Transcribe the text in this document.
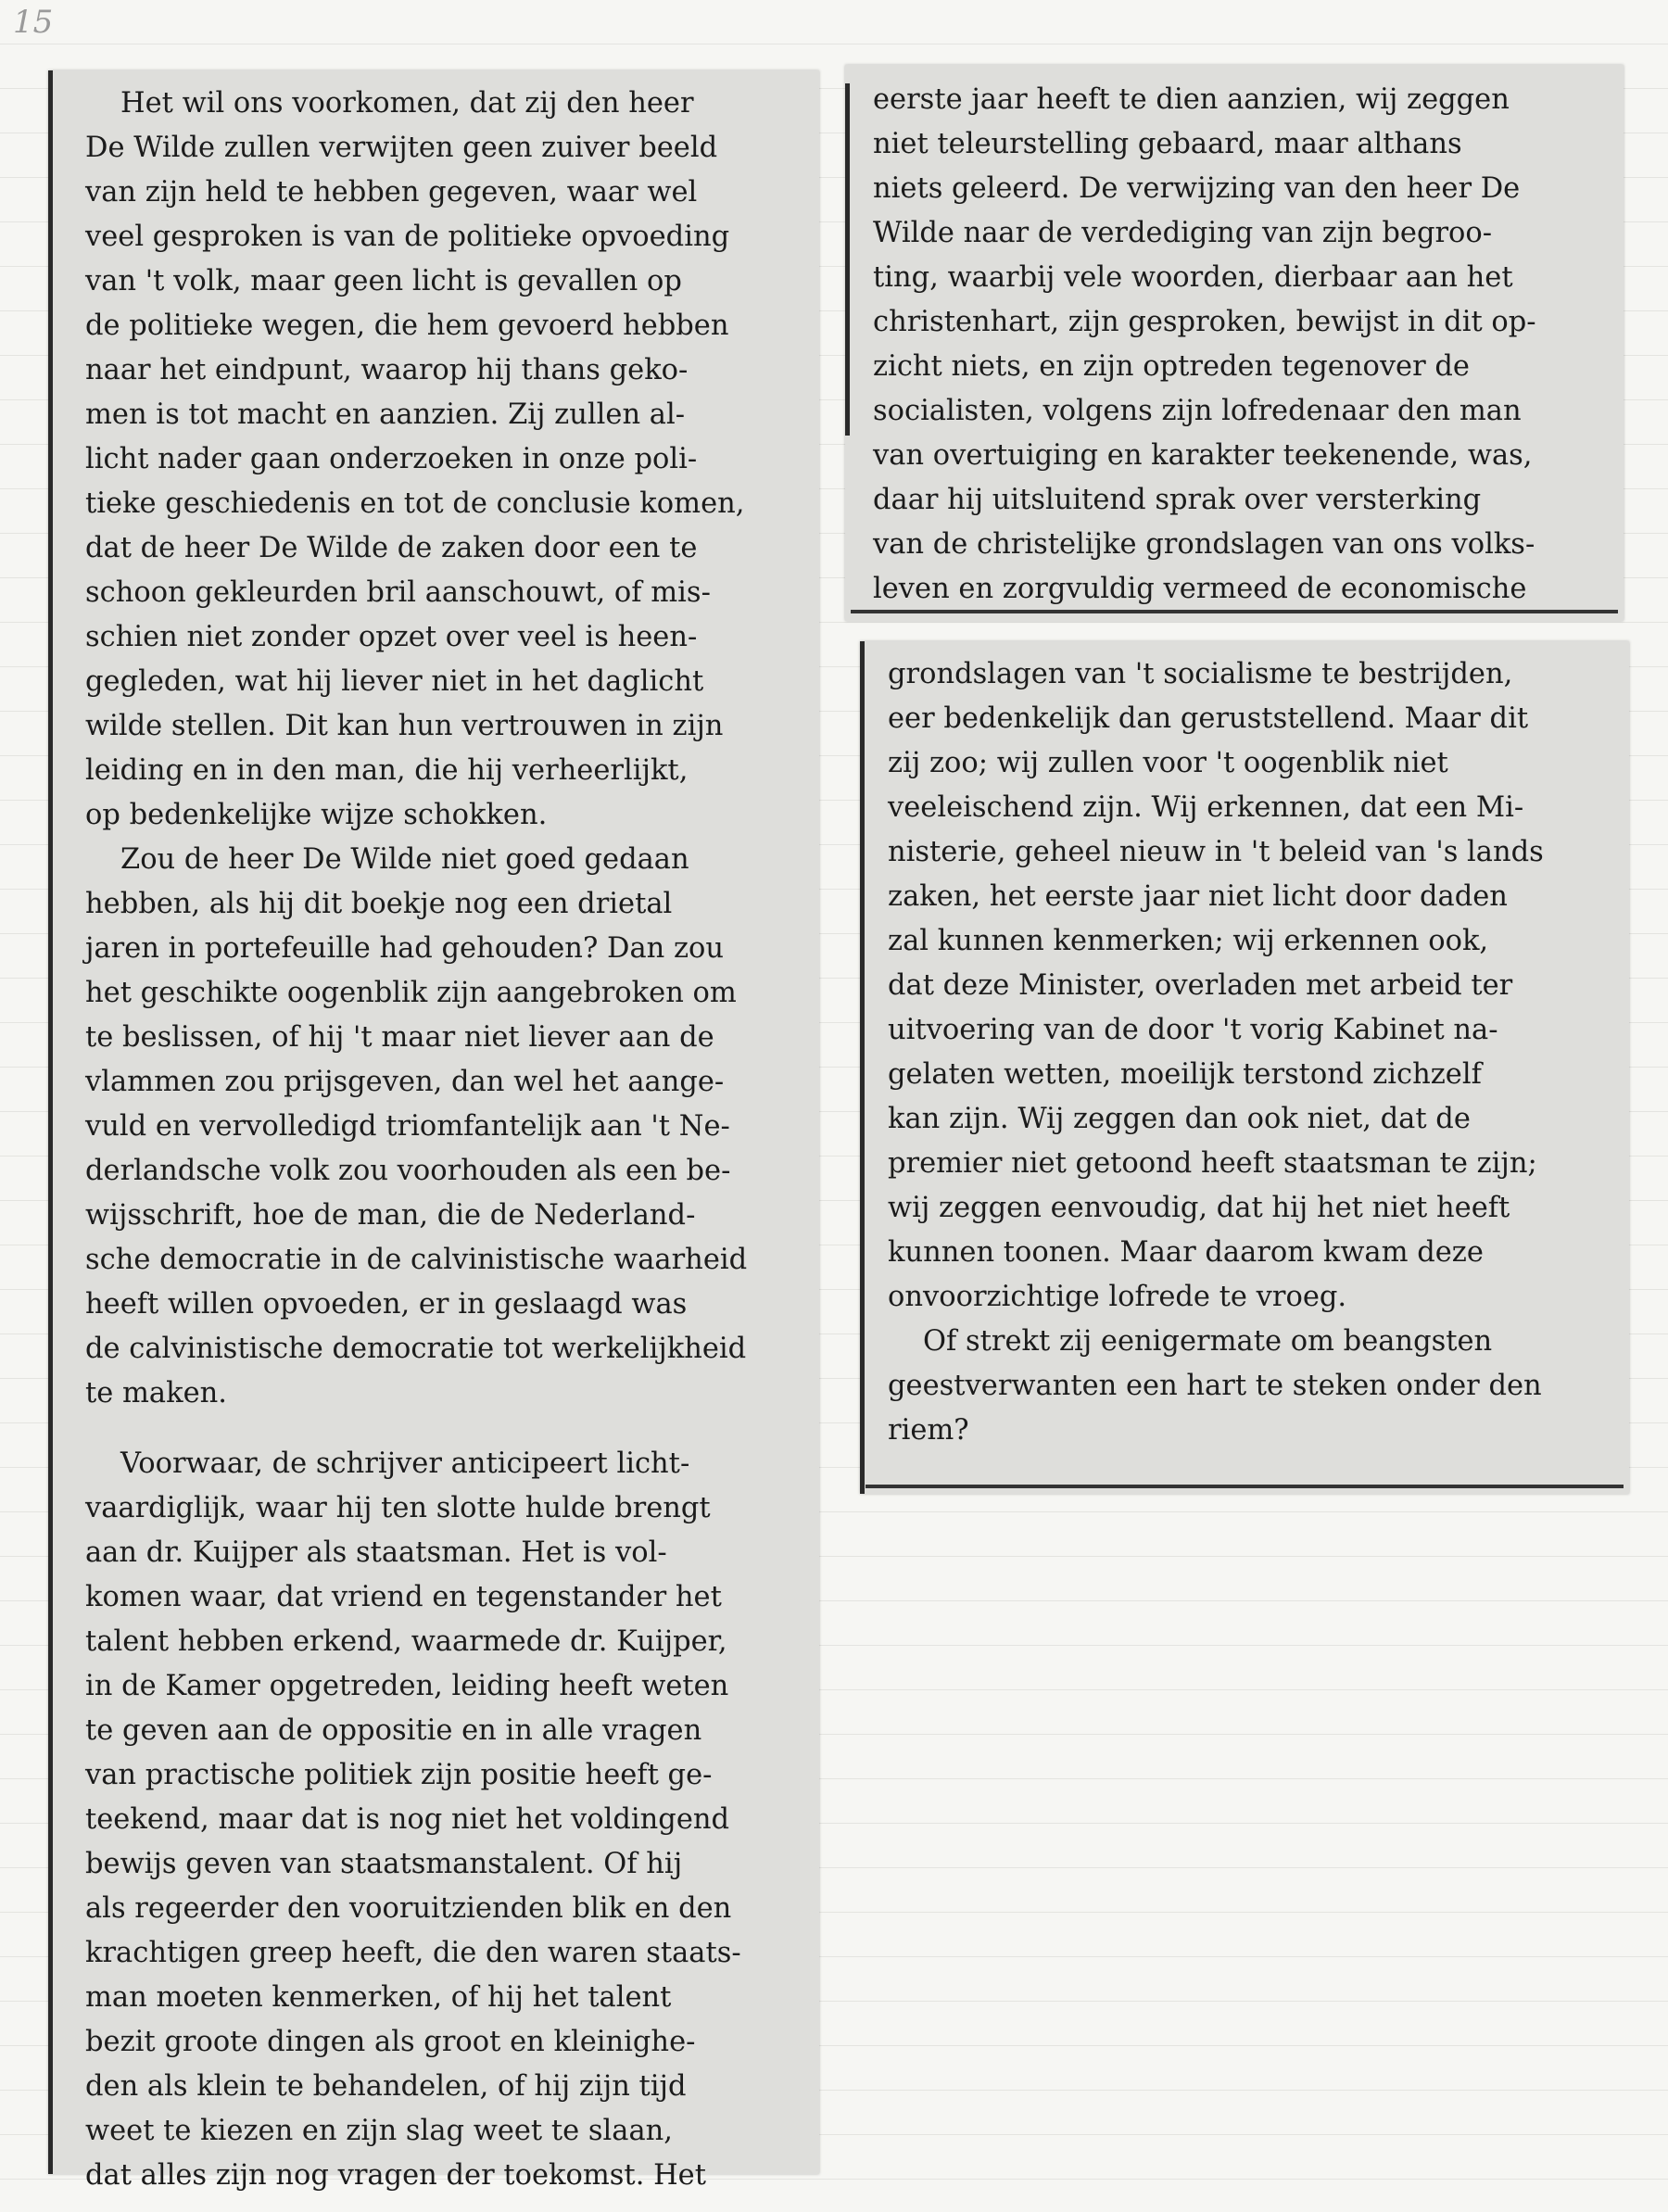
15

Het wil ons voorkomen, dat zij den heer
De Wilde zullen verwijten geen zuiver beeld
van zijn held te hebben gegeven, waar wel
veel gesproken is van de politieke opvoeding
van 't volk, maar geen licht is gevallen op
de politieke wegen, die hem gevoerd hebben
naar het eindpunt, waarop hij thans geko-
men is tot macht en aanzien. Zij zullen al-
licht nader gaan onderzoeken in onze poli-
tieke geschiedenis en tot de conclusie komen,
dat de heer De Wilde de zaken door een te
schoon gekleurden bril aanschouwt, of mis-
schien niet zonder opzet over veel is heen-
gegleden, wat hij liever niet in het daglicht
wilde stellen. Dit kan hun vertrouwen in zijn
leiding en in den man, die hij verheerlijkt,
op bedenkelijke wijze schokken.

Zou de heer De Wilde niet goed gedaan
hebben, als hij dit boekje nog een drietal
jaren in portefeuille had gehouden? Dan zou
het geschikte oogenblik zijn aangebroken om
te beslissen, of hij 't maar niet liever aan de
vlammen zou prijsgeven, dan wel het aange-
vuld en vervolledigd triomfantelijk aan 't Ne-
derlandsche volk zou voorhouden als een be-
wijsschrift, hoe de man, die de Nederland-
sche democratie in de calvinistische waarheid
heeft willen opvoeden, er in geslaagd was
de calvinistische democratie tot werkelijkheid
te maken.

Voorwaar, de schrijver anticipeert licht-
vaardiglijk, waar hij ten slotte hulde brengt
aan dr. Kuijper als staatsman. Het is vol-
komen waar, dat vriend en tegenstander het
talent hebben erkend, waarmede dr. Kuijper,
in de Kamer opgetreden, leiding heeft weten
te geven aan de oppositie en in alle vragen
van practische politiek zijn positie heeft ge-
teekend, maar dat is nog niet het voldingend
bewijs geven van staatsmanstalent. Of hij
als regeerder den vooruitzienden blik en den
krachtigen greep heeft, die den waren staats-
man moeten kenmerken, of hij het talent
bezit groote dingen als groot en kleinighe-
den als klein te behandelen, of hij zijn tijd
weet te kiezen en zijn slag weet te slaan,
dat alles zijn nog vragen der toekomst. Het

eerste jaar heeft te dien aanzien, wij zeggen
niet teleurstelling gebaard, maar althans
niets geleerd. De verwijzing van den heer De
Wilde naar de verdediging van zijn begroo-
ting, waarbij vele woorden, dierbaar aan het
christenhart, zijn gesproken, bewijst in dit op-
zicht niets, en zijn optreden tegenover de
socialisten, volgens zijn lofredenaar den man
van overtuiging en karakter teekenende, was,
daar hij uitsluitend sprak over versterking
van de christelijke grondslagen van ons volks-
leven en zorgvuldig vermeed de economische

grondslagen van 't socialisme te bestrijden,
eer bedenkelijk dan geruststellend. Maar dit
zij zoo; wij zullen voor 't oogenblik niet
veeleischend zijn. Wij erkennen, dat een Mi-
nisterie, geheel nieuw in 't beleid van 's lands
zaken, het eerste jaar niet licht door daden
zal kunnen kenmerken; wij erkennen ook,
dat deze Minister, overladen met arbeid ter
uitvoering van de door 't vorig Kabinet na-
gelaten wetten, moeilijk terstond zichzelf
kan zijn. Wij zeggen dan ook niet, dat de
premier niet getoond heeft staatsman te zijn;
wij zeggen eenvoudig, dat hij het niet heeft
kunnen toonen. Maar daarom kwam deze
onvoorzichtige lofrede te vroeg.

Of strekt zij eenigermate om beangsten
geestverwanten een hart te steken onder den
riem?
